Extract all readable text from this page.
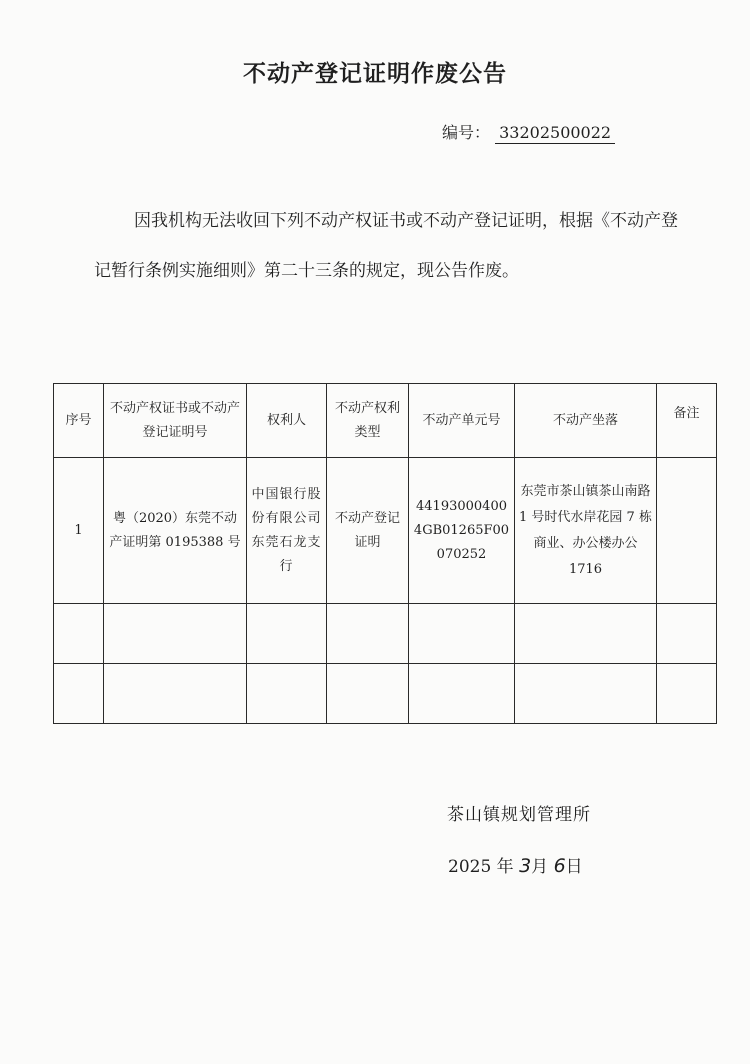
不动产登记证明作废公告
编号： 33202500022
因我机构无法收回下列不动产权证书或不动产登记证明，根据《不动产登记暂行条例实施细则》第二十三条的规定，现公告作废。
序号	不动产权证书或不动产登记证明号	权利人	不动产权利类型	不动产单元号	不动产坐落	备注
1	粤（2020）东莞不动产证明第 0195388 号	中国银行股份有限公司东莞石龙支行	不动产登记证明	441930004004GB01265F00070252	东莞市茶山镇茶山南路 1 号时代水岸花园 7 栋商业、办公楼办公 1716	

茶山镇规划管理所
2025 年 3月 6日
